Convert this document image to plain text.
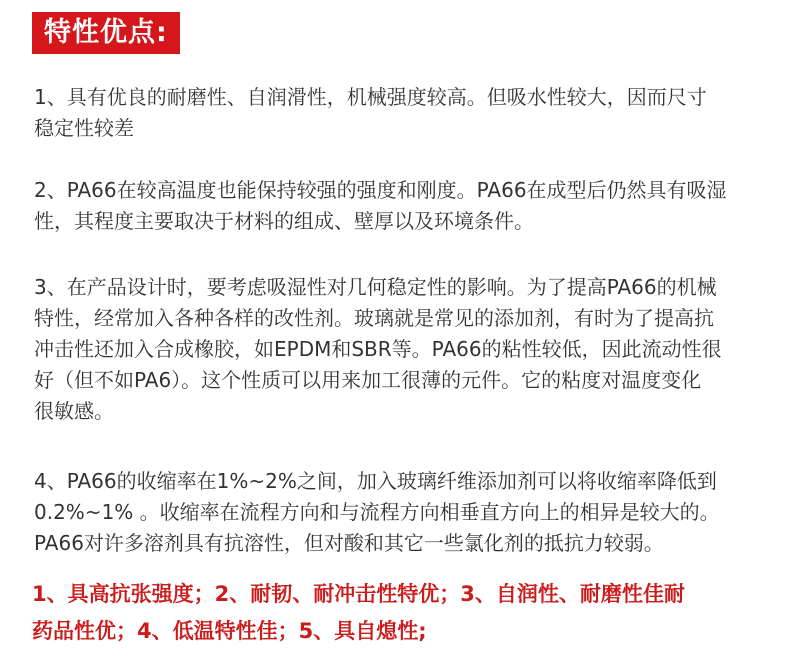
特性优点:
1、具有优良的耐磨性、自润滑性，机械强度较高。但吸水性较大，因而尺寸
稳定性较差
2、PA66在较高温度也能保持较强的强度和刚度。PA66在成型后仍然具有吸湿
性，其程度主要取决于材料的组成、壁厚以及环境条件。
3、在产品设计时，要考虑吸湿性对几何稳定性的影响。为了提高PA66的机械
特性，经常加入各种各样的改性剂。玻璃就是常见的添加剂，有时为了提高抗
冲击性还加入合成橡胶，如EPDM和SBR等。PA66的粘性较低，因此流动性很
好（但不如PA6）。这个性质可以用来加工很薄的元件。它的粘度对温度变化
很敏感。
4、PA66的收缩率在1%~2%之间，加入玻璃纤维添加剂可以将收缩率降低到
0.2%~1% 。收缩率在流程方向和与流程方向相垂直方向上的相异是较大的。
PA66对许多溶剂具有抗溶性，但对酸和其它一些氯化剂的抵抗力较弱。
1、具高抗张强度；2、耐韧、耐冲击性特优；3、自润性、耐磨性佳耐
药品性优；4、低温特性佳；5、具自熄性;
